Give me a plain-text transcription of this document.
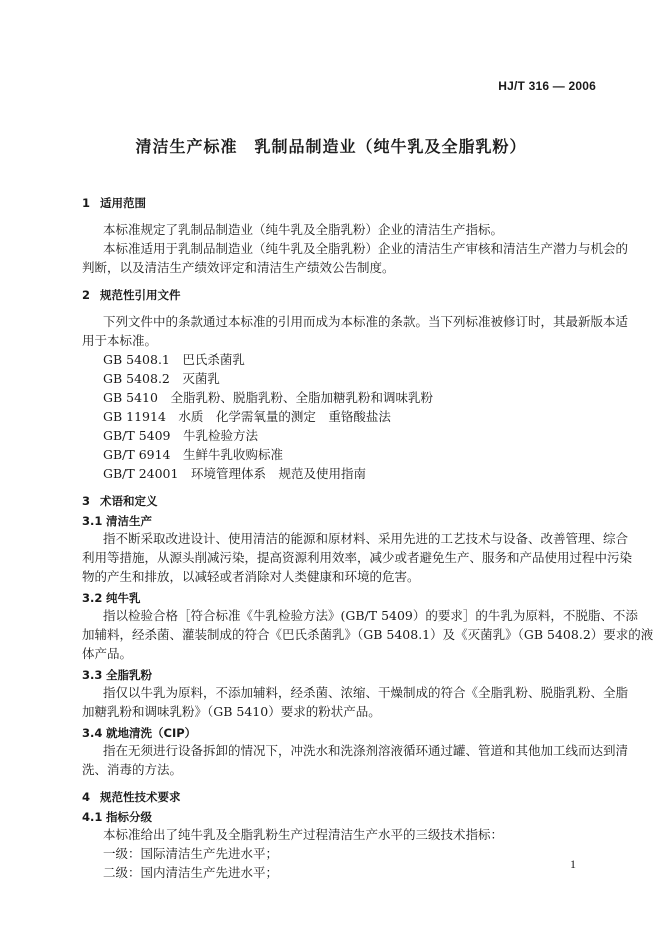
HJ/T 316 — 2006
清洁生产标准　乳制品制造业（纯牛乳及全脂乳粉）
1 适用范围
本标准规定了乳制品制造业（纯牛乳及全脂乳粉）企业的清洁生产指标。
本标准适用于乳制品制造业（纯牛乳及全脂乳粉）企业的清洁生产审核和清洁生产潜力与机会的
判断，以及清洁生产绩效评定和清洁生产绩效公告制度。
2 规范性引用文件
下列文件中的条款通过本标准的引用而成为本标准的条款。当下列标准被修订时，其最新版本适
用于本标准。
GB 5408.1　巴氏杀菌乳
GB 5408.2　灭菌乳
GB 5410　全脂乳粉、脱脂乳粉、全脂加糖乳粉和调味乳粉
GB 11914　水质　化学需氧量的测定　重铬酸盐法
GB/T 5409　牛乳检验方法
GB/T 6914　生鲜牛乳收购标准
GB/T 24001　环境管理体系　规范及使用指南
3 术语和定义
3.1 清洁生产
指不断采取改进设计、使用清洁的能源和原材料、采用先进的工艺技术与设备、改善管理、综合
利用等措施，从源头削减污染，提高资源利用效率，减少或者避免生产、服务和产品使用过程中污染
物的产生和排放，以减轻或者消除对人类健康和环境的危害。
3.2 纯牛乳
指以检验合格［符合标准《牛乳检验方法》(GB/T 5409）的要求］的牛乳为原料，不脱脂、不添
加辅料，经杀菌、灌装制成的符合《巴氏杀菌乳》（GB 5408.1）及《灭菌乳》（GB 5408.2）要求的液
体产品。
3.3 全脂乳粉
指仅以牛乳为原料，不添加辅料，经杀菌、浓缩、干燥制成的符合《全脂乳粉、脱脂乳粉、全脂
加糖乳粉和调味乳粉》（GB 5410）要求的粉状产品。
3.4 就地清洗（CIP）
指在无须进行设备拆卸的情况下，冲洗水和洗涤剂溶液循环通过罐、管道和其他加工线而达到清
洗、消毒的方法。
4 规范性技术要求
4.1 指标分级
本标准给出了纯牛乳及全脂乳粉生产过程清洁生产水平的三级技术指标：
一级：国际清洁生产先进水平；
二级：国内清洁生产先进水平；
1
